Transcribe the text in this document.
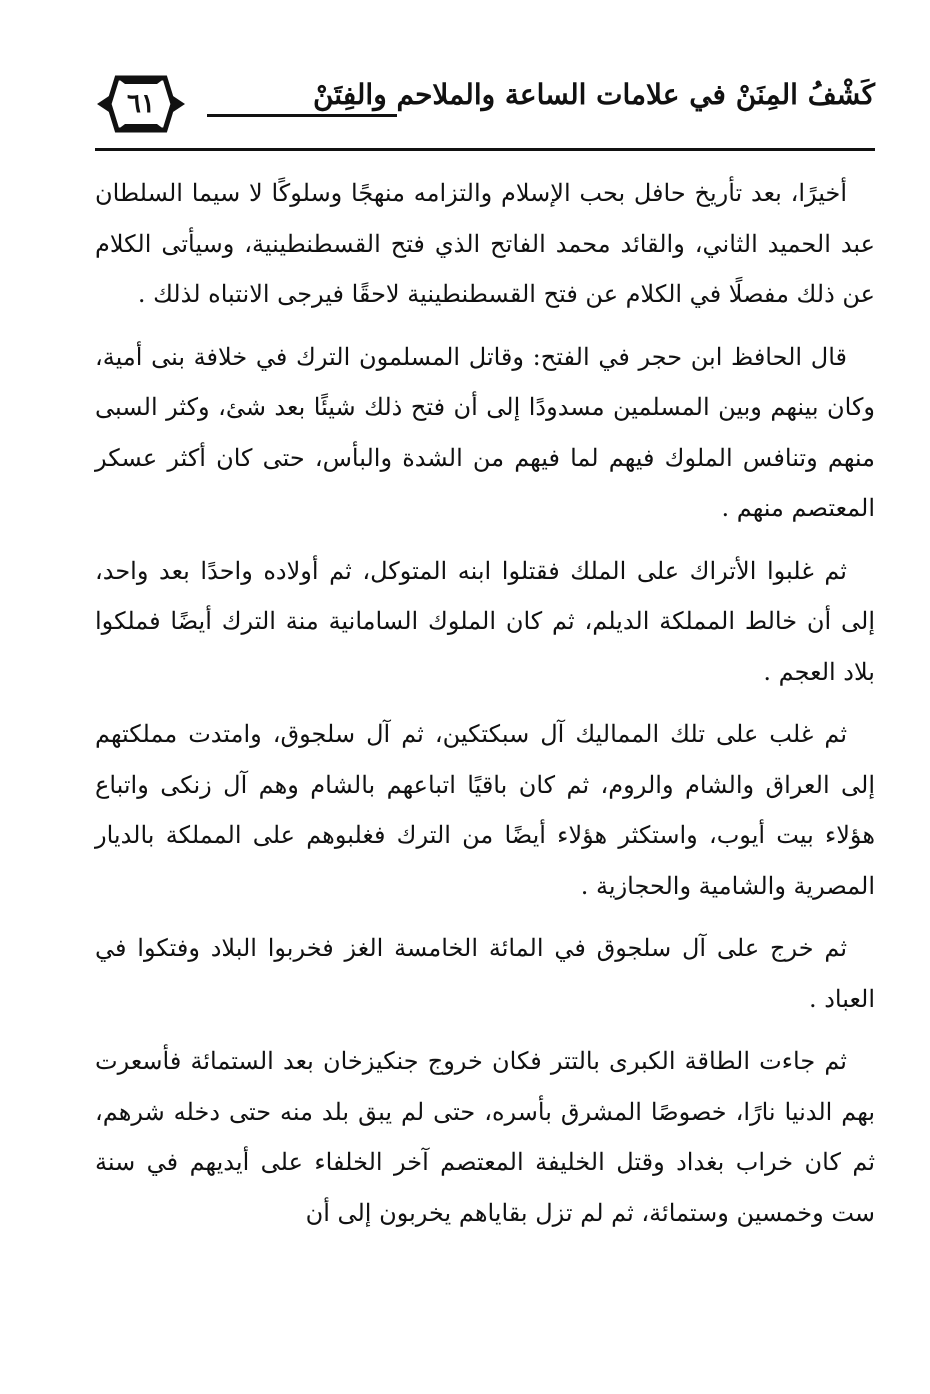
٦١	كَشْفُ المِنَنْ في علامات الساعة والملاحم والفِتَنْ

أخيرًا، بعد تأريخ حافل بحب الإسلام والتزامه منهجًا وسلوكًا لا سيما السلطان عبد الحميد الثاني، والقائد محمد الفاتح الذي فتح القسطنطينية، وسيأتى الكلام عن ذلك مفصلًا في الكلام عن فتح القسطنطينية لاحقًا فيرجى الانتباه لذلك .

قال الحافظ ابن حجر في الفتح: وقاتل المسلمون الترك في خلافة بنى أمية، وكان بينهم وبين المسلمين مسدودًا إلى أن فتح ذلك شيئًا بعد شئ، وكثر السبى منهم وتنافس الملوك فيهم لما فيهم من الشدة والبأس، حتى كان أكثر عسكر المعتصم منهم .

ثم غلبوا الأتراك على الملك فقتلوا ابنه المتوكل، ثم أولاده واحدًا بعد واحد، إلى أن خالط المملكة الديلم، ثم كان الملوك السامانية منة الترك أيضًا فملكوا بلاد العجم .

ثم غلب على تلك المماليك آل سبكتكين، ثم آل سلجوق، وامتدت مملكتهم إلى العراق والشام والروم، ثم كان باقيًا اتباعهم بالشام وهم آل زنكى واتباع هؤلاء بيت أيوب، واستكثر هؤلاء أيضًا من الترك فغلبوهم على المملكة بالديار المصرية والشامية والحجازية .

ثم خرج على آل سلجوق في المائة الخامسة الغز فخربوا البلاد وفتكوا في العباد .

ثم جاءت الطاقة الكبرى بالتتر فكان خروج جنكيزخان بعد الستمائة فأسعرت بهم الدنيا نارًا، خصوصًا المشرق بأسره، حتى لم يبق بلد منه حتى دخله شرهم، ثم كان خراب بغداد وقتل الخليفة المعتصم آخر الخلفاء على أيديهم في سنة ست وخمسين وستمائة، ثم لم تزل بقاياهم يخربون إلى أن
